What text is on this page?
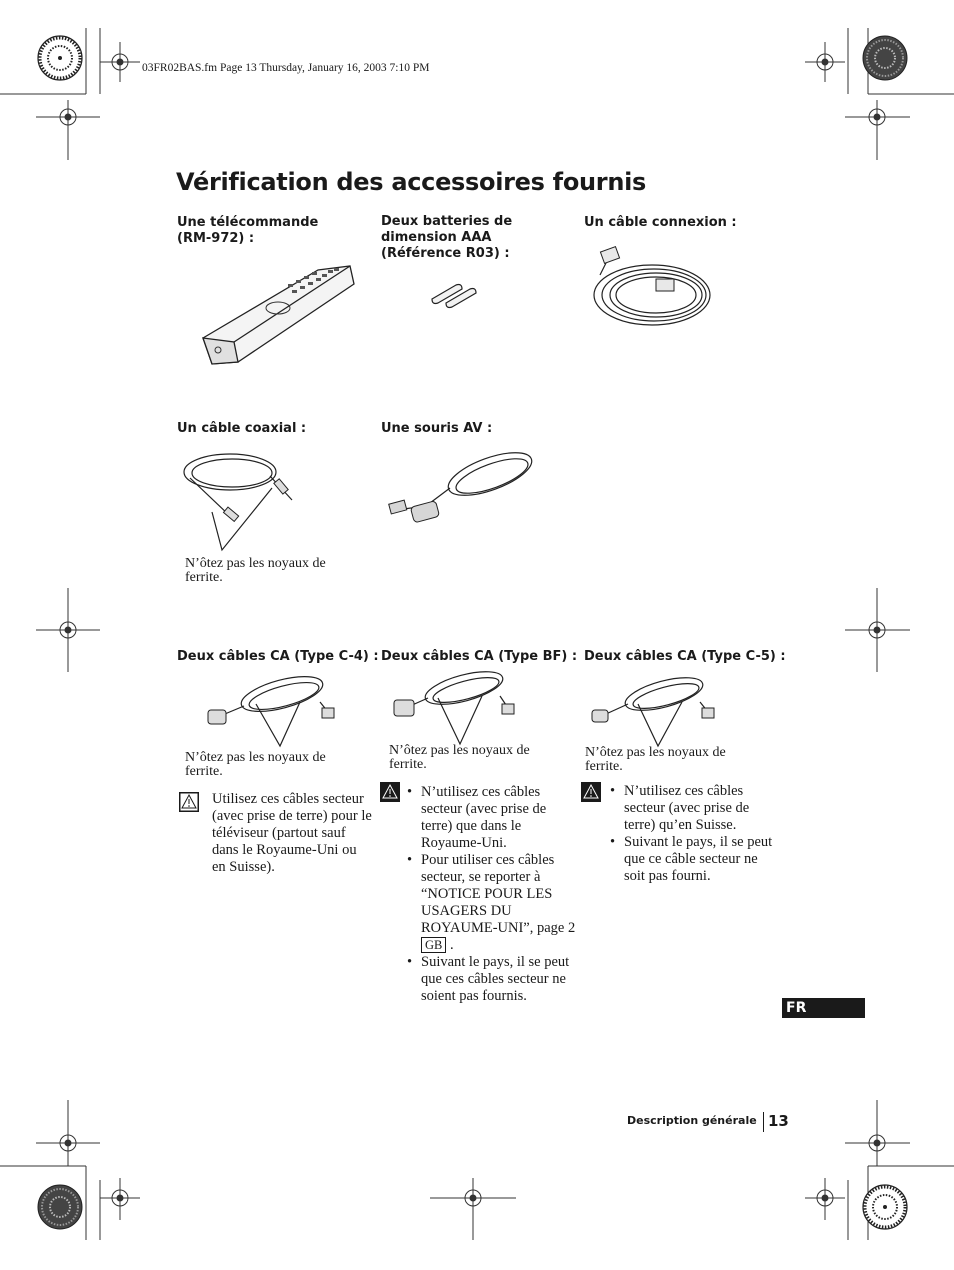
03FR02BAS.fm Page 13 Thursday, January 16, 2003 7:10 PM
Vérification des accessoires fournis
Une télécommande (RM-972) :
Deux batteries de dimension AAA (Référence R03) :
Un câble connexion :
Un câble coaxial :	Une souris AV :
N’ôtez pas les noyaux de ferrite.
Deux câbles CA (Type C-4) : Deux câbles CA (Type BF) : Deux câbles CA (Type C-5) :
N’ôtez pas les noyaux de ferrite.
N’ôtez pas les noyaux de ferrite.
N’ôtez pas les noyaux de ferrite.
Utilisez ces câbles secteur (avec prise de terre) pour le téléviseur (partout sauf dans le Royaume-Uni ou en Suisse).
• N’utilisez ces câbles secteur (avec prise de terre) que dans le Royaume-Uni.
• Pour utiliser ces câbles secteur, se reporter à “NOTICE POUR LES USAGERS DU ROYAUME-UNI”, page 2 GB .
• Suivant le pays, il se peut que ces câbles secteur ne soient pas fournis.
• N’utilisez ces câbles secteur (avec prise de terre) qu’en Suisse.
• Suivant le pays, il se peut que ce câble secteur ne soit pas fourni.
FR
Description générale 13
